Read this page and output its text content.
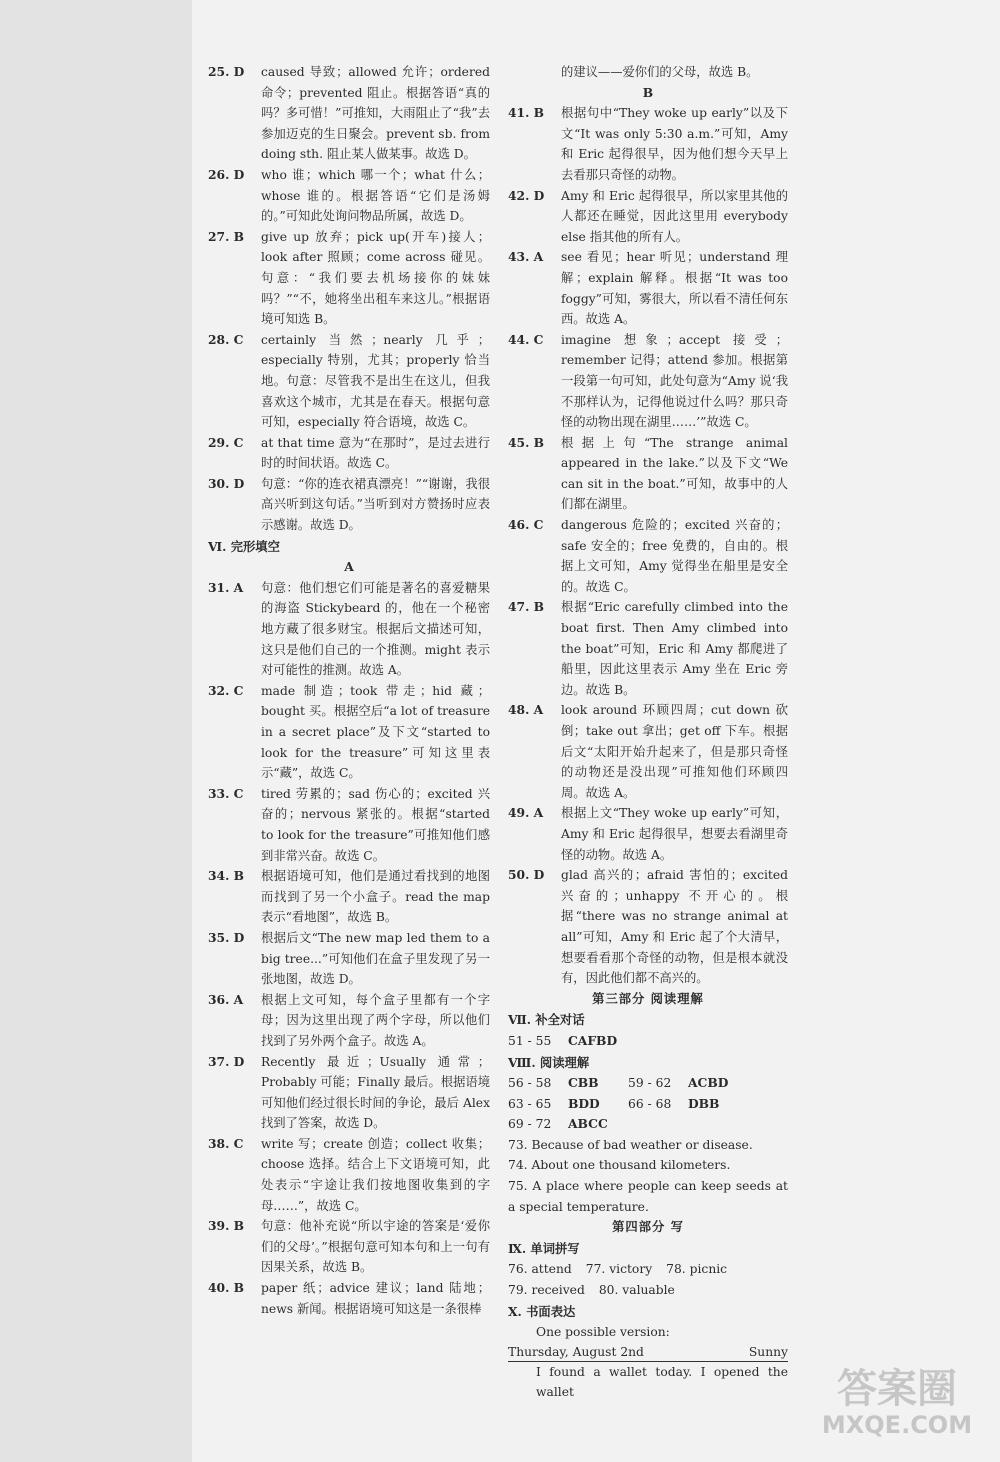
25. D	caused 导致；allowed 允许；ordered 命令；prevented 阻止。根据答语“真的吗？多可惜！”可推知，大雨阻止了“我”去参加迈克的生日聚会。prevent sb. from doing sth. 阻止某人做某事。故选 D。
26. D	who 谁；which 哪一个；what 什么；whose 谁的。根据答语“它们是汤姆的。”可知此处询问物品所属，故选 D。
27. B	give up 放弃；pick up(开车)接人；look after 照顾；come across 碰见。句意：“我们要去机场接你的妹妹吗？”“不，她将坐出租车来这儿。”根据语境可知选 B。
28. C	certainly 当然；nearly 几乎；especially 特别，尤其；properly 恰当地。句意：尽管我不是出生在这儿，但我喜欢这个城市，尤其是在春天。根据句意可知，especially 符合语境，故选 C。
29. C	at that time 意为“在那时”，是过去进行时的时间状语。故选 C。
30. D	句意：“你的连衣裙真漂亮！”“谢谢，我很高兴听到这句话。”当听到对方赞扬时应表示感谢。故选 D。
Ⅵ. 完形填空
A
31. A	句意：他们想它们可能是著名的喜爱糖果的海盗 Stickybeard 的，他在一个秘密地方藏了很多财宝。根据后文描述可知，这只是他们自己的一个推测。might 表示对可能性的推测。故选 A。
32. C	made 制造；took 带走；hid 藏；bought 买。根据空后“a lot of treasure in a secret place”及下文“started to look for the treasure”可知这里表示“藏”，故选 C。
33. C	tired 劳累的；sad 伤心的；excited 兴奋的；nervous 紧张的。根据“started to look for the treasure”可推知他们感到非常兴奋。故选 C。
34. B	根据语境可知，他们是通过看找到的地图而找到了另一个小盒子。read the map 表示“看地图”，故选 B。
35. D	根据后文“The new map led them to a big tree...”可知他们在盒子里发现了另一张地图，故选 D。
36. A	根据上文可知，每个盒子里都有一个字母；因为这里出现了两个字母，所以他们找到了另外两个盒子。故选 A。
37. D	Recently 最近；Usually 通常；Probably 可能；Finally 最后。根据语境可知他们经过很长时间的争论，最后 Alex 找到了答案，故选 D。
38. C	write 写；create 创造；collect 收集；choose 选择。结合上下文语境可知，此处表示“宇途让我们按地图收集到的字母……”，故选 C。
39. B	句意：他补充说“所以宇途的答案是‘爱你们的父母’。”根据句意可知本句和上一句有因果关系，故选 B。
40. B	paper 纸；advice 建议；land 陆地；news 新闻。根据语境可知这是一条很棒
的建议——爱你们的父母，故选 B。
B
41. B	根据句中“They woke up early”以及下文“It was only 5:30 a.m.”可知，Amy 和 Eric 起得很早，因为他们想今天早上去看那只奇怪的动物。
42. D	Amy 和 Eric 起得很早，所以家里其他的人都还在睡觉，因此这里用 everybody else 指其他的所有人。
43. A	see 看见；hear 听见；understand 理解；explain 解释。根据“It was too foggy”可知，雾很大，所以看不清任何东西。故选 A。
44. C	imagine 想象；accept 接受；remember 记得；attend 参加。根据第一段第一句可知，此处句意为“Amy 说‘我不那样认为，记得他说过什么吗？那只奇怪的动物出现在湖里……’”故选 C。
45. B	根据上句“The strange animal appeared in the lake.”以及下文“We can sit in the boat.”可知，故事中的人们都在湖里。
46. C	dangerous 危险的；excited 兴奋的；safe 安全的；free 免费的，自由的。根据上文可知，Amy 觉得坐在船里是安全的。故选 C。
47. B	根据“Eric carefully climbed into the boat first. Then Amy climbed into the boat”可知，Eric 和 Amy 都爬进了船里，因此这里表示 Amy 坐在 Eric 旁边。故选 B。
48. A	look around 环顾四周；cut down 砍倒；take out 拿出；get off 下车。根据后文“太阳开始升起来了，但是那只奇怪的动物还是没出现”可推知他们环顾四周。故选 A。
49. A	根据上文“They woke up early”可知，Amy 和 Eric 起得很早，想要去看湖里奇怪的动物。故选 A。
50. D	glad 高兴的；afraid 害怕的；excited 兴奋的；unhappy 不开心的。根据“there was no strange animal at all”可知，Amy 和 Eric 起了个大清早，想要看看那个奇怪的动物，但是根本就没有，因此他们都不高兴的。
第三部分 阅读理解
Ⅶ. 补全对话
51 - 55	CAFBD
Ⅷ. 阅读理解
56 - 58	CBB	59 - 62	ACBD
63 - 65	BDD	66 - 68	DBB
69 - 72	ABCC
73. Because of bad weather or disease.
74. About one thousand kilometers.
75. A place where people can keep seeds at a special temperature.
第四部分 写
Ⅸ. 单词拼写
76. attend 77. victory 78. picnic
79. received 80. valuable
Ⅹ. 书面表达
One possible version:
Thursday, August 2nd	Sunny
I found a wallet today. I opened the wallet	答案圈
MXQE.COM
